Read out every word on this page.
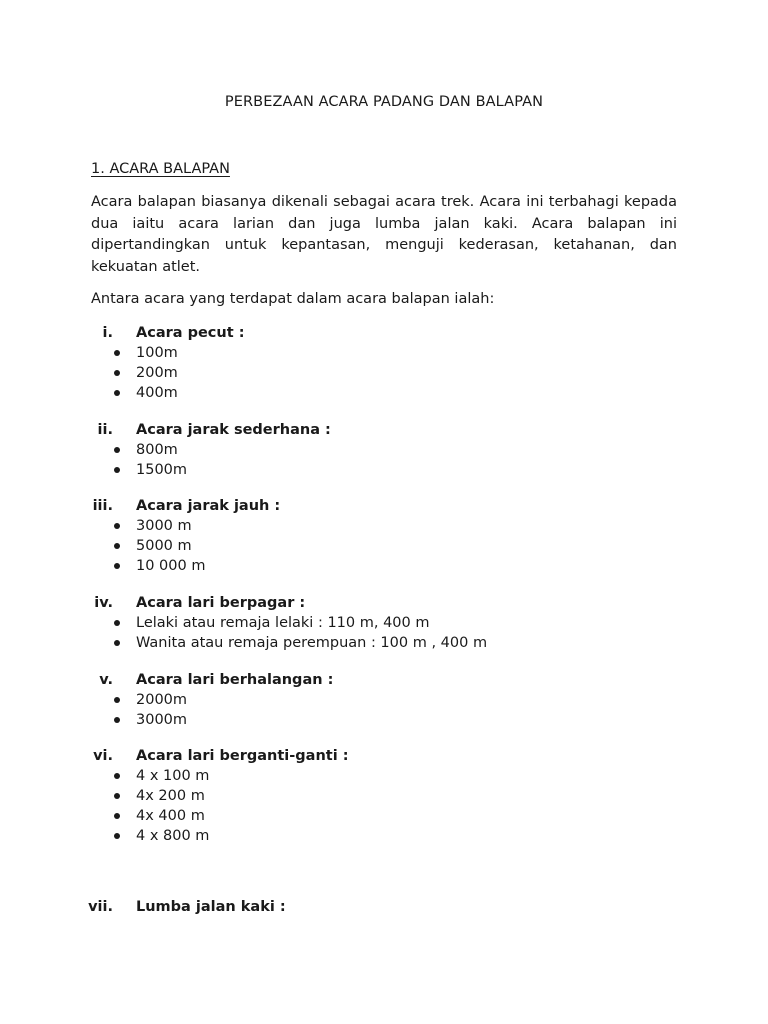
PERBEZAAN ACARA PADANG DAN BALAPAN
1. ACARA BALAPAN

Acara balapan biasanya dikenali sebagai acara trek. Acara ini terbahagi kepada dua iaitu acara larian dan juga lumba jalan kaki. Acara balapan ini dipertandingkan untuk kepantasan, menguji kederasan, ketahanan, dan kekuatan atlet.

Antara acara yang terdapat dalam acara balapan ialah:

i. Acara pecut :
100m
200m
400m
ii. Acara jarak sederhana :
800m
1500m
iii. Acara jarak jauh :
3000 m
5000 m
10 000 m
iv. Acara lari berpagar :
Lelaki atau remaja lelaki : 110 m, 400 m
Wanita atau remaja perempuan : 100 m , 400 m
v. Acara lari berhalangan :
2000m
3000m
vi. Acara lari berganti-ganti :
4 x 100 m
4x 200 m
4x 400 m
4 x 800 m
vii. Lumba jalan kaki :
